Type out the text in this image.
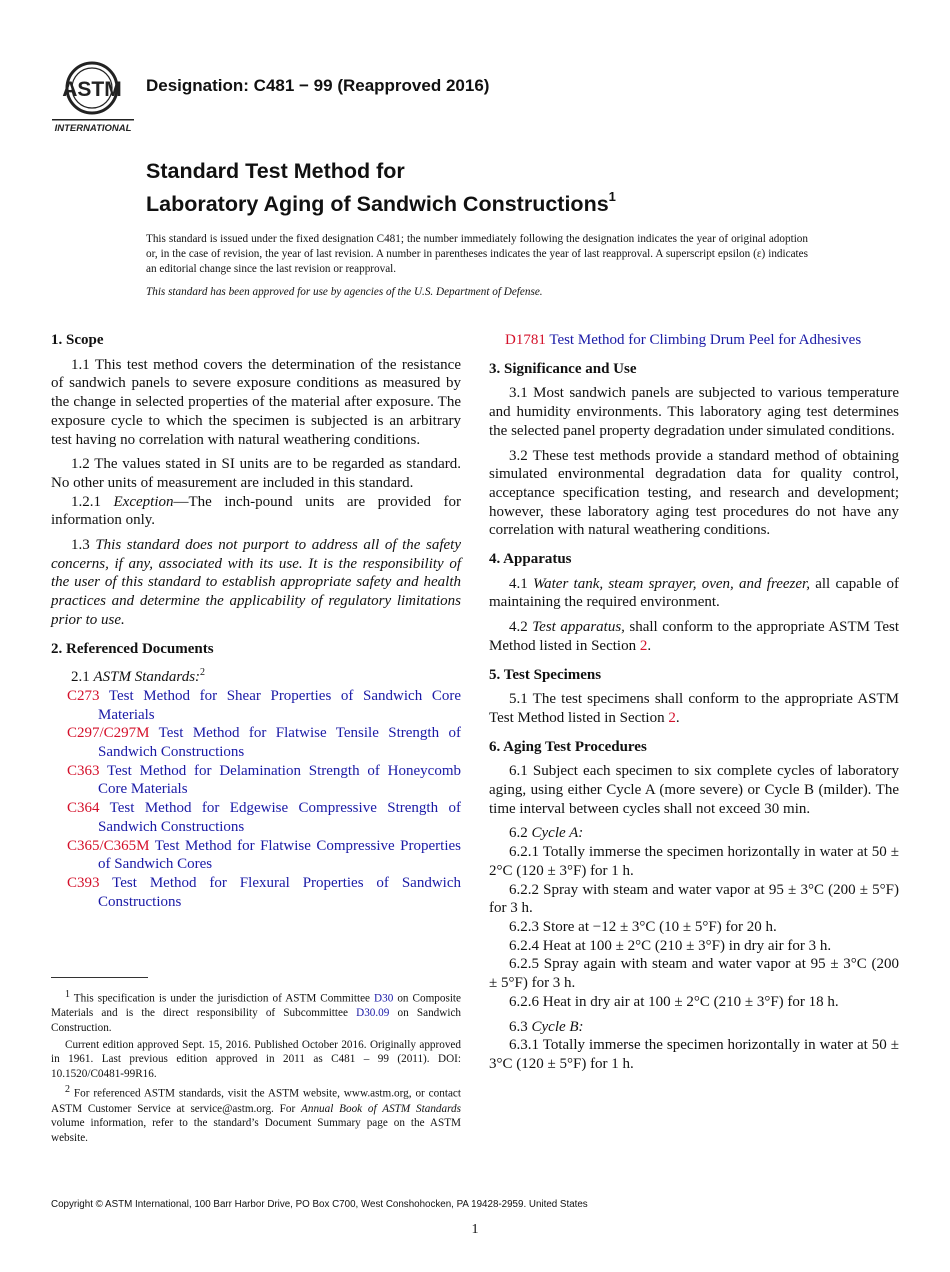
ASTM
INTERNATIONAL
Designation: C481 − 99 (Reapproved 2016)
Standard Test Method for
Laboratory Aging of Sandwich Constructions$^1$
This standard is issued under the fixed designation C481; the number immediately following the designation indicates the year of original adoption or, in the case of revision, the year of last revision. A number in parentheses indicates the year of last reapproval. A superscript epsilon (ε) indicates an editorial change since the last revision or reapproval.
This standard has been approved for use by agencies of the U.S. Department of Defense.
1. Scope

1.1 This test method covers the determination of the resistance of sandwich panels to severe exposure conditions as measured by the change in selected properties of the material after exposure. The exposure cycle to which the specimen is subjected is an arbitrary test having no correlation with natural weathering conditions.

1.2 The values stated in SI units are to be regarded as standard. No other units of measurement are included in this standard.

1.2.1 Exception—The inch-pound units are provided for information only.

1.3 This standard does not purport to address all of the safety concerns, if any, associated with its use. It is the responsibility of the user of this standard to establish appropriate safety and health practices and determine the applicability of regulatory limitations prior to use.

2. Referenced Documents

2.1 ASTM Standards:$^2$

C273 Test Method for Shear Properties of Sandwich Core Materials

C297/C297M Test Method for Flatwise Tensile Strength of Sandwich Constructions

C363 Test Method for Delamination Strength of Honeycomb Core Materials

C364 Test Method for Edgewise Compressive Strength of Sandwich Constructions

C365/C365M Test Method for Flatwise Compressive Properties of Sandwich Cores

C393 Test Method for Flexural Properties of Sandwich Constructions

D1781 Test Method for Climbing Drum Peel for Adhesives

3. Significance and Use

3.1 Most sandwich panels are subjected to various temperature and humidity environments. This laboratory aging test determines the selected panel property degradation under simulated conditions.

3.2 These test methods provide a standard method of obtaining simulated environmental degradation data for quality control, acceptance specification testing, and research and development; however, these laboratory aging test procedures do not have any correlation with natural weathering conditions.

4. Apparatus

4.1 Water tank, steam sprayer, oven, and freezer, all capable of maintaining the required environment.

4.2 Test apparatus, shall conform to the appropriate ASTM Test Method listed in Section 2.

5. Test Specimens

5.1 The test specimens shall conform to the appropriate ASTM Test Method listed in Section 2.

6. Aging Test Procedures

6.1 Subject each specimen to six complete cycles of laboratory aging, using either Cycle A (more severe) or Cycle B (milder). The time interval between cycles shall not exceed 30 min.

6.2 Cycle A:

6.2.1 Totally immerse the specimen horizontally in water at 50 ± 2°C (120 ± 3°F) for 1 h.

6.2.2 Spray with steam and water vapor at 95 ± 3°C (200 ± 5°F) for 3 h.

6.2.3 Store at −12 ± 3°C (10 ± 5°F) for 20 h.

6.2.4 Heat at 100 ± 2°C (210 ± 3°F) in dry air for 3 h.

6.2.5 Spray again with steam and water vapor at 95 ± 3°C (200 ± 5°F) for 3 h.

6.2.6 Heat in dry air at 100 ± 2°C (210 ± 3°F) for 18 h.

6.3 Cycle B:

6.3.1 Totally immerse the specimen horizontally in water at 50 ± 3°C (120 ± 5°F) for 1 h.

$^1$ This specification is under the jurisdiction of ASTM Committee D30 on Composite Materials and is the direct responsibility of Subcommittee D30.09 on Sandwich Construction.

Current edition approved Sept. 15, 2016. Published October 2016. Originally approved in 1961. Last previous edition approved in 2011 as C481 – 99 (2011). DOI: 10.1520/C0481-99R16.

$^2$ For referenced ASTM standards, visit the ASTM website, www.astm.org, or contact ASTM Customer Service at service@astm.org. For Annual Book of ASTM Standards volume information, refer to the standard’s Document Summary page on the ASTM website.

Copyright © ASTM International, 100 Barr Harbor Drive, PO Box C700, West Conshohocken, PA 19428-2959. United States
1
